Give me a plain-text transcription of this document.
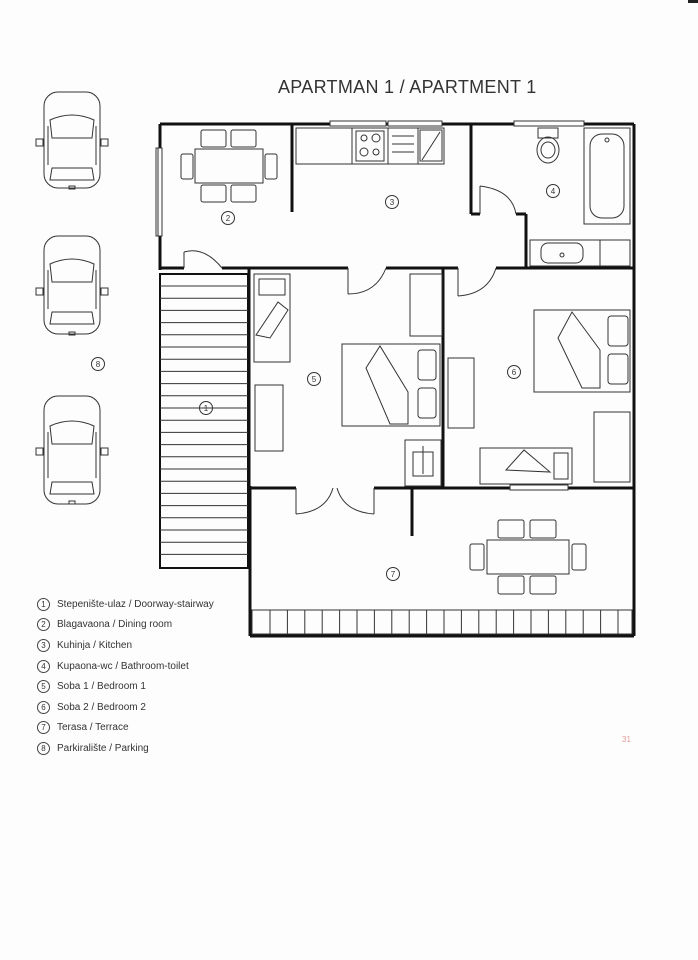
APARTMAN 1 / APARTMENT 1
1
2
3
4
5
6
7
8
1	Stepenište-ulaz / Doorway-stairway
2	Blagavaona / Dining room
3	Kuhinja / Kitchen
4	Kupaona-wc / Bathroom-toilet
5	Soba 1 / Bedroom 1
6	Soba 2 / Bedroom 2
7	Terasa / Terrace
8	Parkiralište / Parking
31
